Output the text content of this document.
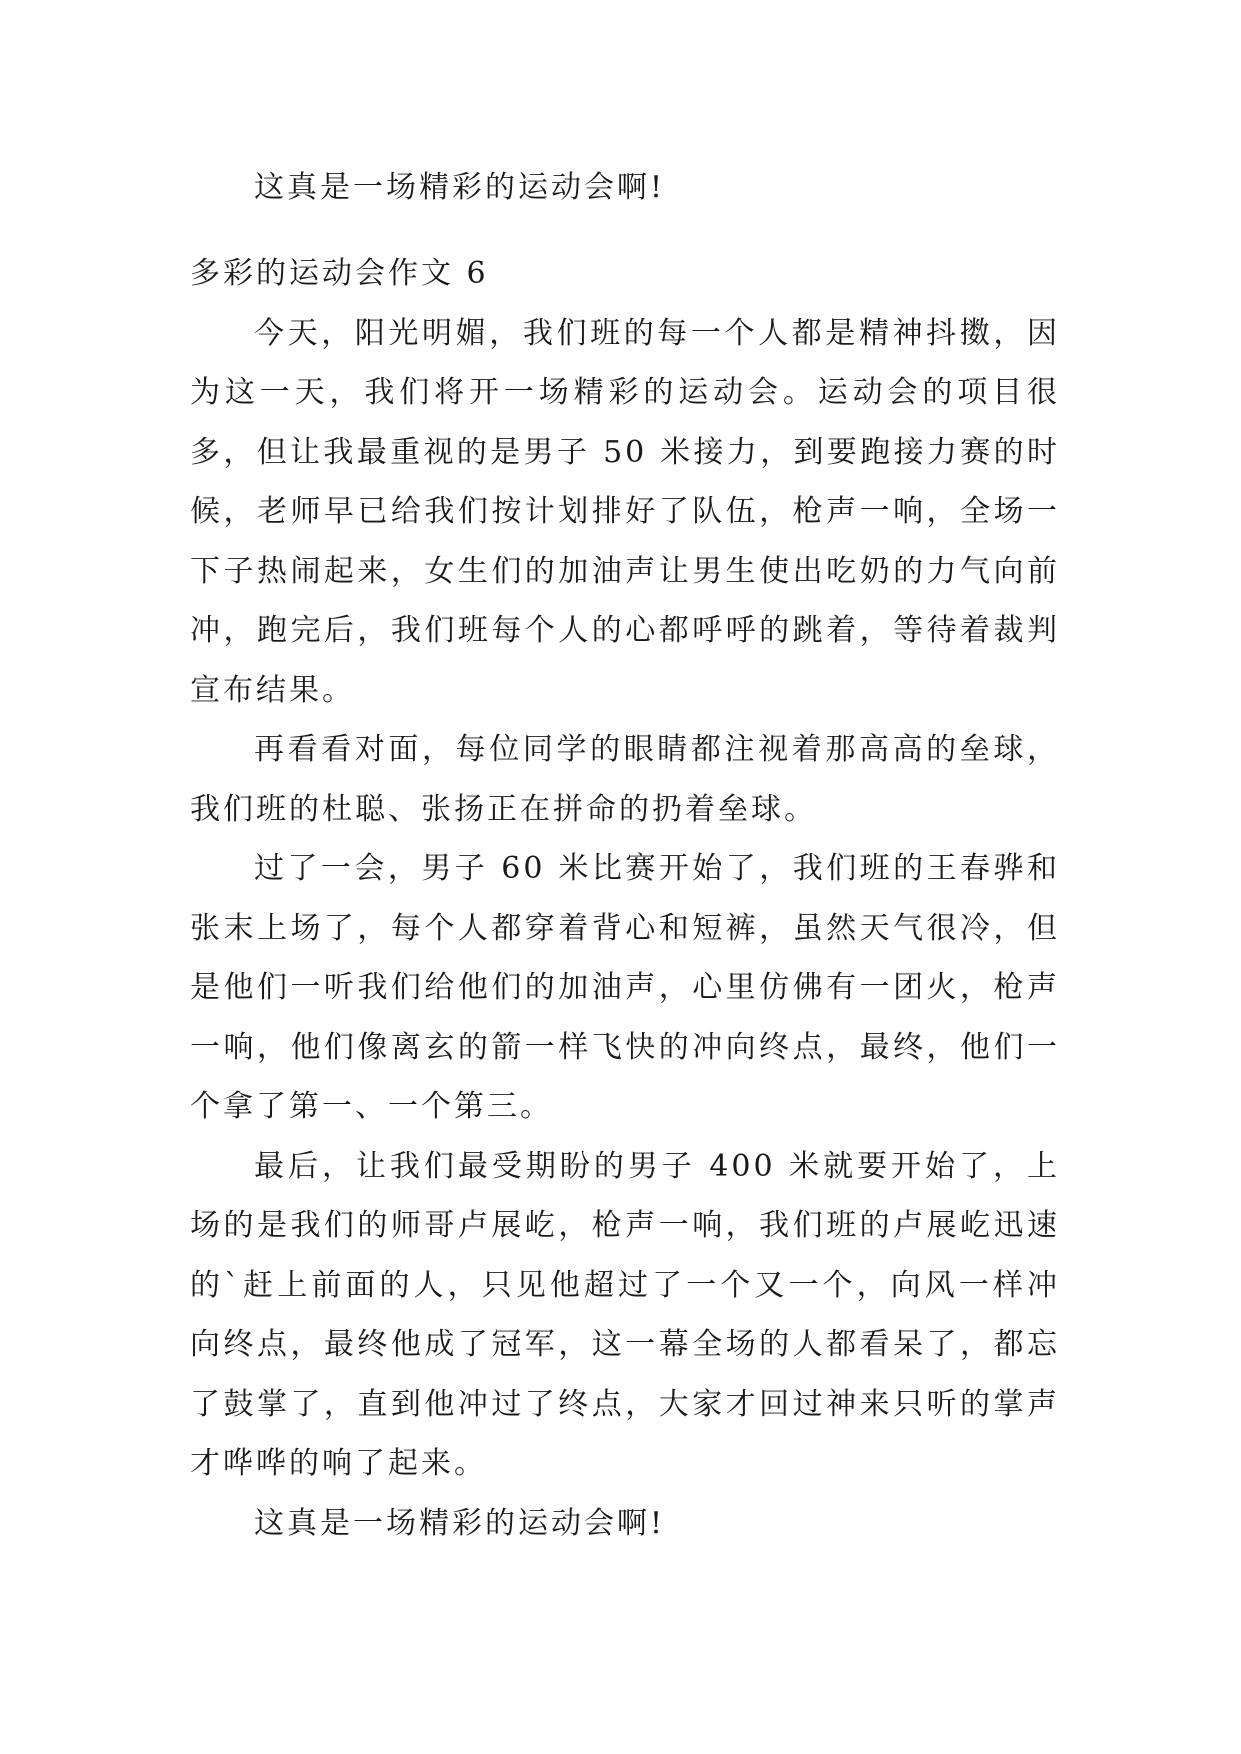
这真是一场精彩的运动会啊!

多彩的运动会作文 6

今天，阳光明媚，我们班的每一个人都是精神抖擞，因为这一天，我们将开一场精彩的运动会。运动会的项目很多，但让我最重视的是男子 50 米接力，到要跑接力赛的时候，老师早已给我们按计划排好了队伍，枪声一响，全场一下子热闹起来，女生们的加油声让男生使出吃奶的力气向前冲，跑完后，我们班每个人的心都呼呼的跳着，等待着裁判宣布结果。

再看看对面，每位同学的眼睛都注视着那高高的垒球，我们班的杜聪、张扬正在拼命的扔着垒球。

过了一会，男子 60 米比赛开始了，我们班的王春骅和张末上场了，每个人都穿着背心和短裤，虽然天气很冷，但是他们一听我们给他们的加油声，心里仿佛有一团火，枪声一响，他们像离玄的箭一样飞快的冲向终点，最终，他们一个拿了第一、一个第三。

最后，让我们最受期盼的男子 400 米就要开始了，上场的是我们的师哥卢展屹，枪声一响，我们班的卢展屹迅速的`赶上前面的人，只见他超过了一个又一个，向风一样冲向终点，最终他成了冠军，这一幕全场的人都看呆了，都忘了鼓掌了，直到他冲过了终点，大家才回过神来只听的掌声才哗哗的响了起来。

这真是一场精彩的运动会啊!
